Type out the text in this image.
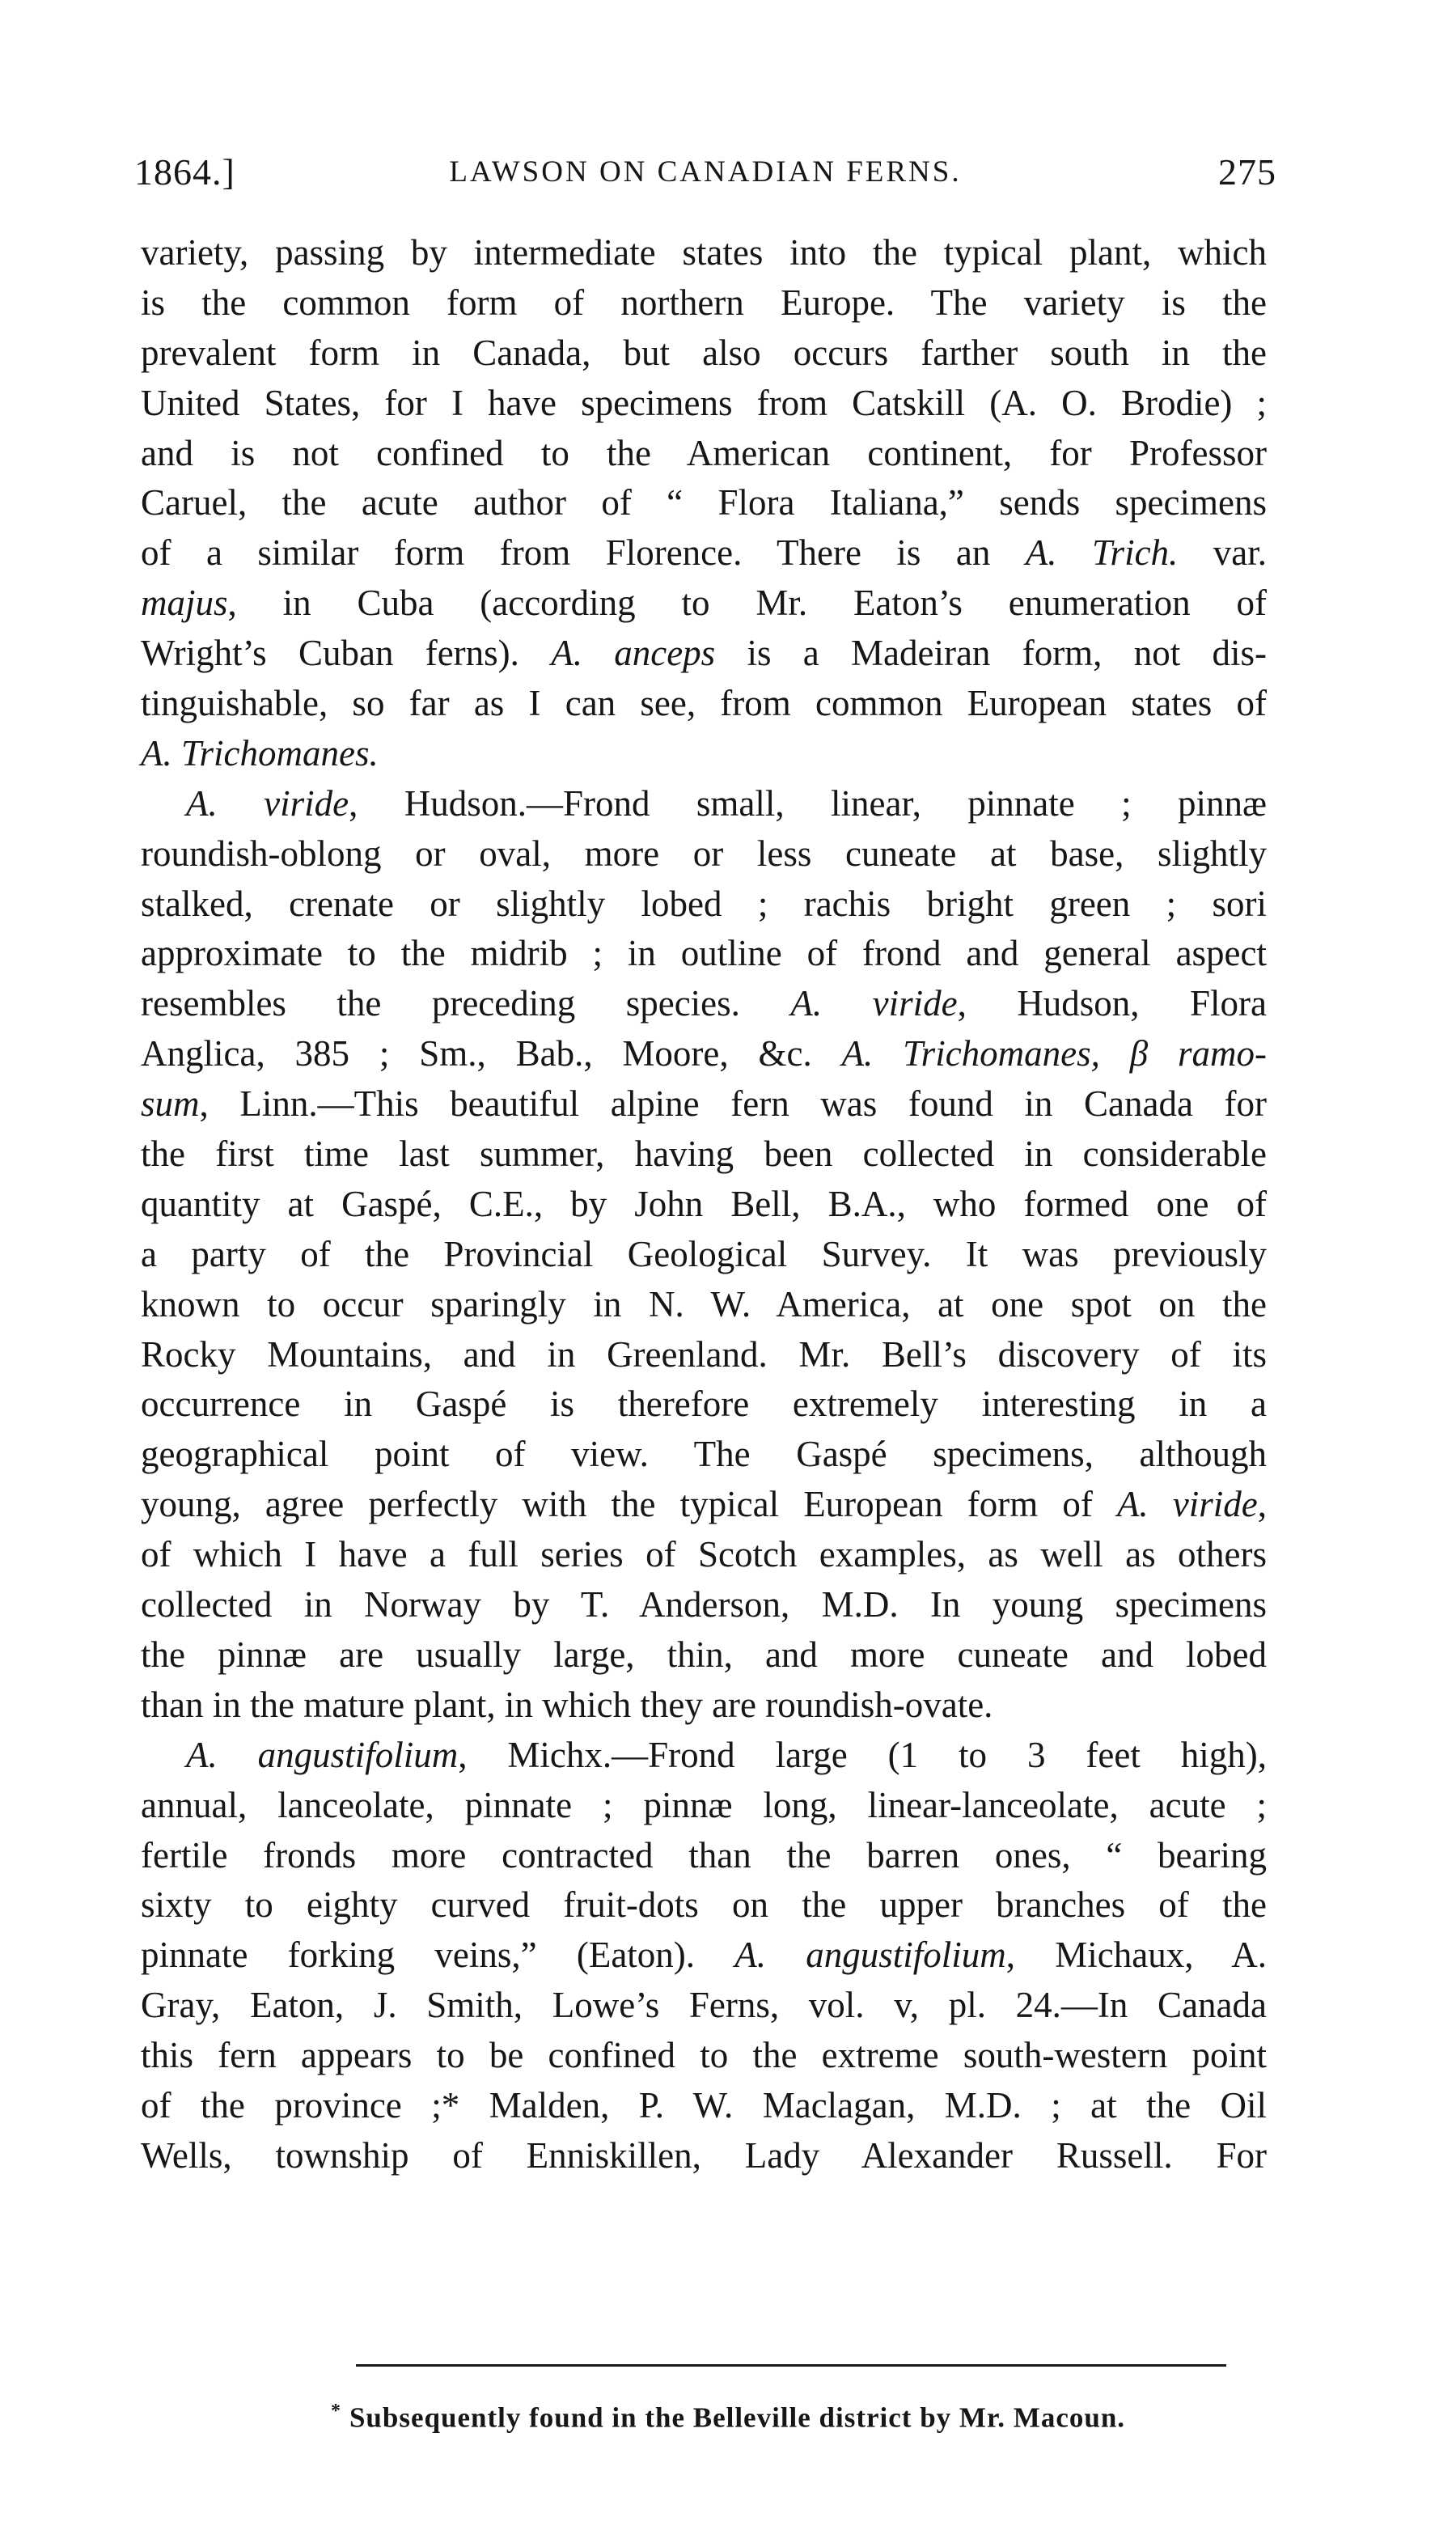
1864.]	LAWSON ON CANADIAN FERNS.	275
variety, passing by intermediate states into the typical plant, which
is the common form of northern Europe. The variety is the
prevalent form in Canada, but also occurs farther south in the
United States, for I have specimens from Catskill (A. O. Brodie) ;
and is not confined to the American continent, for Professor
Caruel, the acute author of “ Flora Italiana,” sends specimens
of a similar form from Florence. There is an A. Trich. var.
majus, in Cuba (according to Mr. Eaton’s enumeration of
Wright’s Cuban ferns). A. anceps is a Madeiran form, not dis-
tinguishable, so far as I can see, from common European states of
A. Trichomanes.
A. viride, Hudson.—Frond small, linear, pinnate ; pinnæ
roundish-oblong or oval, more or less cuneate at base, slightly
stalked, crenate or slightly lobed ; rachis bright green ; sori
approximate to the midrib ; in outline of frond and general aspect
resembles the preceding species. A. viride, Hudson, Flora
Anglica, 385 ; Sm., Bab., Moore, &c. A. Trichomanes, β ramo-
sum, Linn.—This beautiful alpine fern was found in Canada for
the first time last summer, having been collected in considerable
quantity at Gaspé, C.E., by John Bell, B.A., who formed one of
a party of the Provincial Geological Survey. It was previously
known to occur sparingly in N. W. America, at one spot on the
Rocky Mountains, and in Greenland. Mr. Bell’s discovery of its
occurrence in Gaspé is therefore extremely interesting in a
geographical point of view. The Gaspé specimens, although
young, agree perfectly with the typical European form of A. viride,
of which I have a full series of Scotch examples, as well as others
collected in Norway by T. Anderson, M.D. In young specimens
the pinnæ are usually large, thin, and more cuneate and lobed
than in the mature plant, in which they are roundish-ovate.
A. angustifolium, Michx.—Frond large (1 to 3 feet high),
annual, lanceolate, pinnate ; pinnæ long, linear-lanceolate, acute ;
fertile fronds more contracted than the barren ones, “ bearing
sixty to eighty curved fruit-dots on the upper branches of the
pinnate forking veins,” (Eaton). A. angustifolium, Michaux, A.
Gray, Eaton, J. Smith, Lowe’s Ferns, vol. v, pl. 24.—In Canada
this fern appears to be confined to the extreme south-western point
of the province ;* Malden, P. W. Maclagan, M.D. ; at the Oil
Wells, township of Enniskillen, Lady Alexander Russell. For
* Subsequently found in the Belleville district by Mr. Macoun.
